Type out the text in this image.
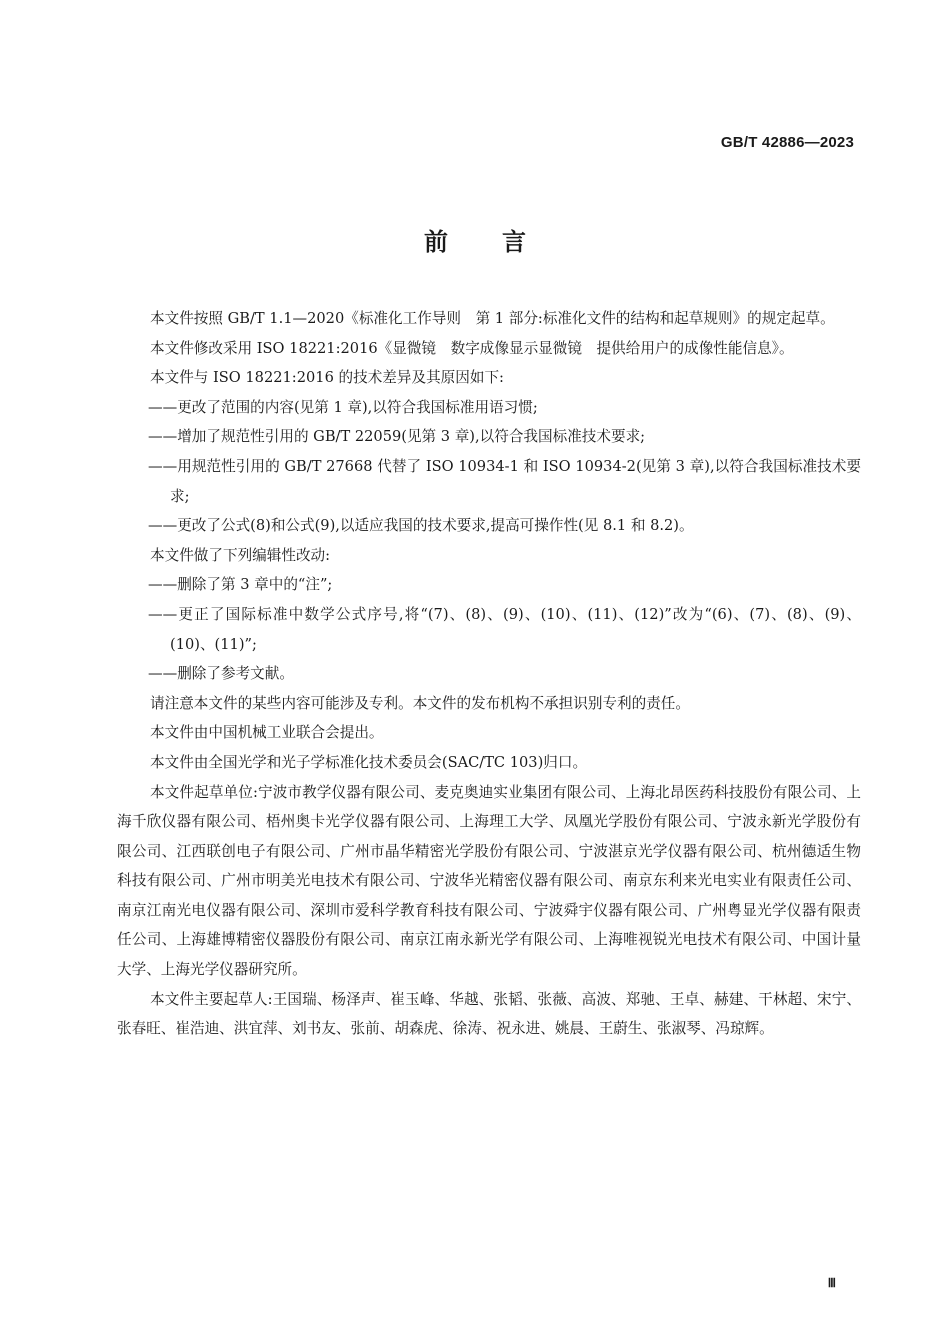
GB/T 42886—2023
前言

本文件按照 GB/T 1.1—2020《标准化工作导则　第 1 部分:标准化文件的结构和起草规则》的规定起草。

本文件修改采用 ISO 18221:2016《显微镜　数字成像显示显微镜　提供给用户的成像性能信息》。

本文件与 ISO 18221:2016 的技术差异及其原因如下:

——更改了范围的内容(见第 1 章),以符合我国标准用语习惯;

——增加了规范性引用的 GB/T 22059(见第 3 章),以符合我国标准技术要求;

——用规范性引用的 GB/T 27668 代替了 ISO 10934-1 和 ISO 10934-2(见第 3 章),以符合我国标准技术要求;

——更改了公式(8)和公式(9),以适应我国的技术要求,提高可操作性(见 8.1 和 8.2)。

本文件做了下列编辑性改动:

——删除了第 3 章中的“注”;

——更正了国际标准中数学公式序号,将“(7)、(8)、(9)、(10)、(11)、(12)”改为“(6)、(7)、(8)、(9)、(10)、(11)”;

——删除了参考文献。

请注意本文件的某些内容可能涉及专利。本文件的发布机构不承担识别专利的责任。

本文件由中国机械工业联合会提出。

本文件由全国光学和光子学标准化技术委员会(SAC/TC 103)归口。

本文件起草单位:宁波市教学仪器有限公司、麦克奥迪实业集团有限公司、上海北昂医药科技股份有限公司、上海千欣仪器有限公司、梧州奥卡光学仪器有限公司、上海理工大学、凤凰光学股份有限公司、宁波永新光学股份有限公司、江西联创电子有限公司、广州市晶华精密光学股份有限公司、宁波湛京光学仪器有限公司、杭州德适生物科技有限公司、广州市明美光电技术有限公司、宁波华光精密仪器有限公司、南京东利来光电实业有限责任公司、南京江南光电仪器有限公司、深圳市爱科学教育科技有限公司、宁波舜宇仪器有限公司、广州粤显光学仪器有限责任公司、上海雄博精密仪器股份有限公司、南京江南永新光学有限公司、上海唯视锐光电技术有限公司、中国计量大学、上海光学仪器研究所。

本文件主要起草人:王国瑞、杨泽声、崔玉峰、华越、张韬、张薇、高波、郑驰、王卓、赫建、干林超、宋宁、张春旺、崔浩迪、洪宜萍、刘书友、张前、胡森虎、徐涛、祝永进、姚晨、王蔚生、张淑琴、冯琼辉。

Ⅲ
